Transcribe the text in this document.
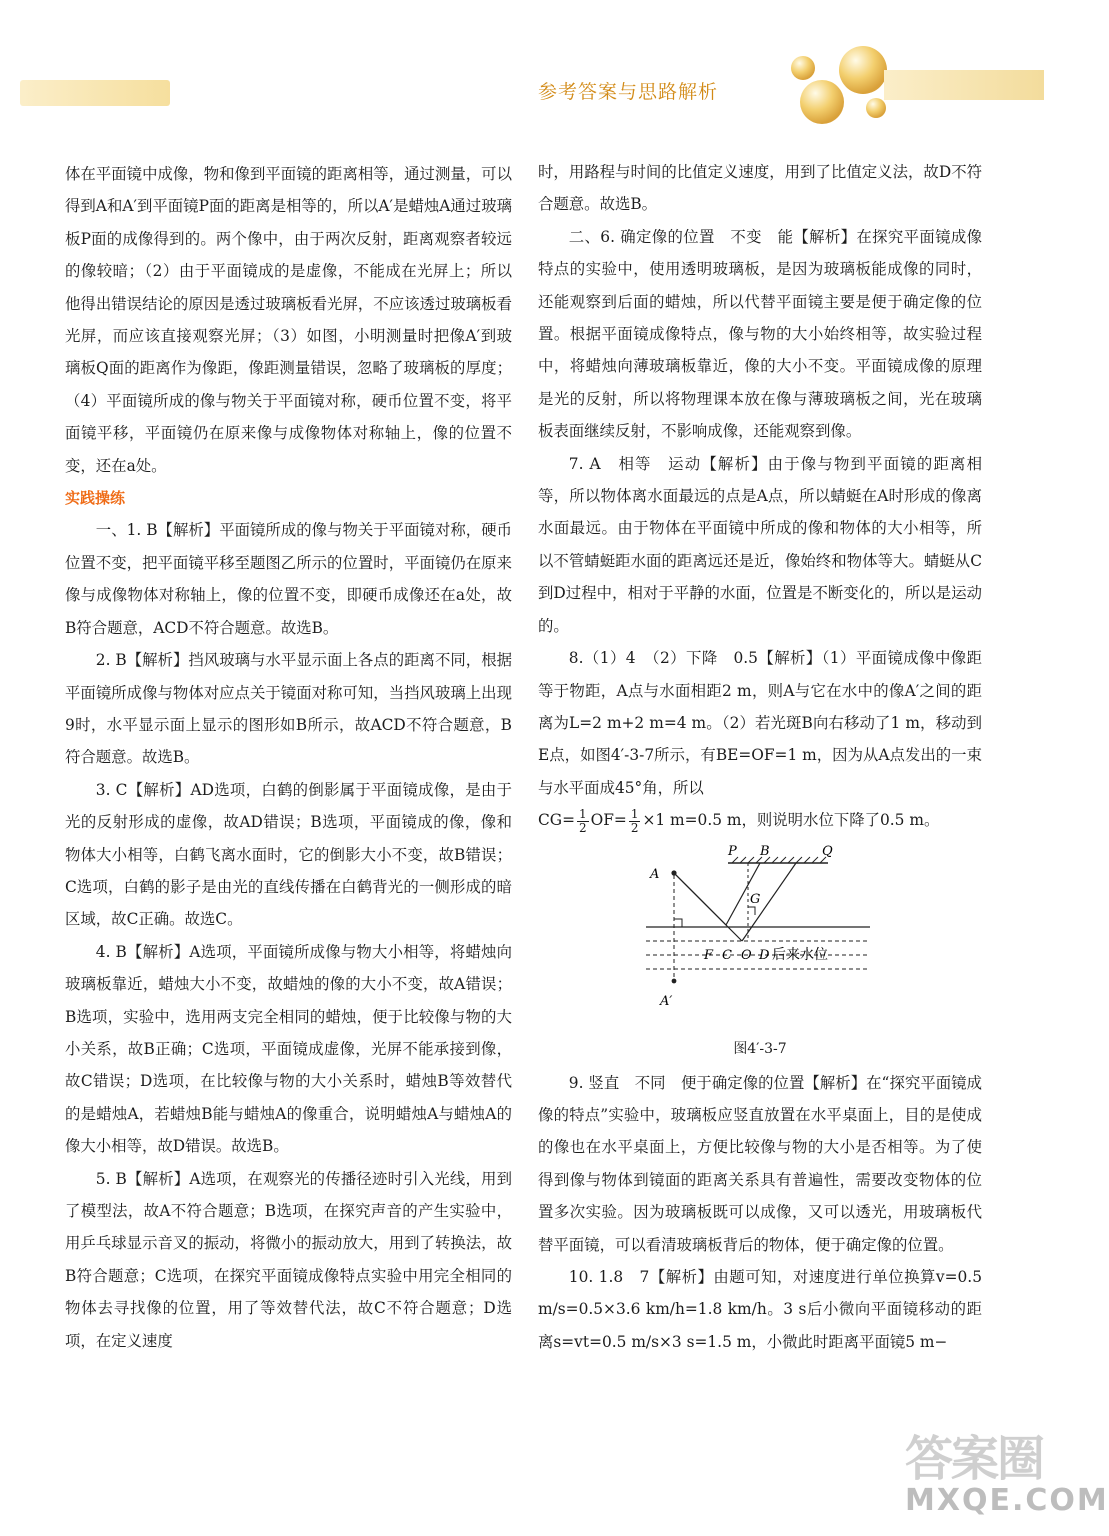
参考答案与思路解析

体在平面镜中成像，物和像到平面镜的距离相等，通过测量，可以得到A和A′到平面镜P面的距离是相等的，所以A′是蜡烛A通过玻璃板P面的成像得到的。两个像中，由于两次反射，距离观察者较远的像较暗；（2）由于平面镜成的是虚像，不能成在光屏上；所以他得出错误结论的原因是透过玻璃板看光屏，不应该透过玻璃板看光屏，而应该直接观察光屏；（3）如图，小明测量时把像A′到玻璃板Q面的距离作为像距，像距测量错误，忽略了玻璃板的厚度；（4）平面镜所成的像与物关于平面镜对称，硬币位置不变，将平面镜平移，平面镜仍在原来像与成像物体对称轴上，像的位置不变，还在a处。

实践操练

一、1. B【解析】平面镜所成的像与物关于平面镜对称，硬币位置不变，把平面镜平移至题图乙所示的位置时，平面镜仍在原来像与成像物体对称轴上，像的位置不变，即硬币成像还在a处，故B符合题意，ACD不符合题意。故选B。

2. B【解析】挡风玻璃与水平显示面上各点的距离不同，根据平面镜所成像与物体对应点关于镜面对称可知，当挡风玻璃上出现9时，水平显示面上显示的图形如B所示，故ACD不符合题意，B符合题意。故选B。

3. C【解析】AD选项，白鹤的倒影属于平面镜成像，是由于光的反射形成的虚像，故AD错误；B选项，平面镜成的像，像和物体大小相等，白鹤飞离水面时，它的倒影大小不变，故B错误；C选项，白鹤的影子是由光的直线传播在白鹤背光的一侧形成的暗区域，故C正确。故选C。

4. B【解析】A选项，平面镜所成像与物大小相等，将蜡烛向玻璃板靠近，蜡烛大小不变，故蜡烛的像的大小不变，故A错误；B选项，实验中，选用两支完全相同的蜡烛，便于比较像与物的大小关系，故B正确；C选项，平面镜成虚像，光屏不能承接到像，故C错误；D选项，在比较像与物的大小关系时，蜡烛B等效替代的是蜡烛A，若蜡烛B能与蜡烛A的像重合，说明蜡烛A与蜡烛A的像大小相等，故D错误。故选B。

5. B【解析】A选项，在观察光的传播径迹时引入光线，用到了模型法，故A不符合题意；B选项，在探究声音的产生实验中，用乒乓球显示音叉的振动，将微小的振动放大，用到了转换法，故B符合题意；C选项，在探究平面镜成像特点实验中用完全相同的物体去寻找像的位置，用了等效替代法，故C不符合题意；D选项，在定义速度

时，用路程与时间的比值定义速度，用到了比值定义法，故D不符合题意。故选B。

二、6. 确定像的位置　不变　能【解析】在探究平面镜成像特点的实验中，使用透明玻璃板，是因为玻璃板能成像的同时，还能观察到后面的蜡烛，所以代替平面镜主要是便于确定像的位置。根据平面镜成像特点，像与物的大小始终相等，故实验过程中，将蜡烛向薄玻璃板靠近，像的大小不变。平面镜成像的原理是光的反射，所以将物理课本放在像与薄玻璃板之间，光在玻璃板表面继续反射，不影响成像，还能观察到像。

7. A　相等　运动【解析】由于像与物到平面镜的距离相等，所以物体离水面最远的点是A点，所以蜻蜓在A时形成的像离水面最远。由于物体在平面镜中所成的像和物体的大小相等，所以不管蜻蜓距水面的距离远还是近，像始终和物体等大。蜻蜓从C到D过程中，相对于平静的水面，位置是不断变化的，所以是运动的。

8.（1）4　（2）下降　0.5【解析】（1）平面镜成像中像距等于物距，A点与水面相距2 m，则A与它在水中的像A′之间的距离为L=2 m+2 m=4 m。（2）若光斑B向右移动了1 m，移动到E点，如图4′-3-7所示，有BE=OF=1 m，因为从A点发出的一束与水平面成45°角，所以

$CG= \frac{1}{2} OF= \frac{1}{2} \times 1$ m=0.5 m，则说明水位下降了0.5 m。

P B	Q
A
G
F C O D 后来水位
A′
图4′-3-7

9. 竖直　不同　便于确定像的位置【解析】在“探究平面镜成像的特点”实验中，玻璃板应竖直放置在水平桌面上，目的是使成的像也在水平桌面上，方便比较像与物的大小是否相等。为了使得到像与物体到镜面的距离关系具有普遍性，需要改变物体的位置多次实验。因为玻璃板既可以成像，又可以透光，用玻璃板代替平面镜，可以看清玻璃板背后的物体，便于确定像的位置。

10. 1.8　7【解析】由题可知，对速度进行单位换算v=0.5 m/s=0.5×3.6 km/h=1.8 km/h。3 s后小微向平面镜移动的距离s=vt=0.5 m/s×3 s=1.5 m，小微此时距离平面镜5 m−

答案圈
MXQE.COM
